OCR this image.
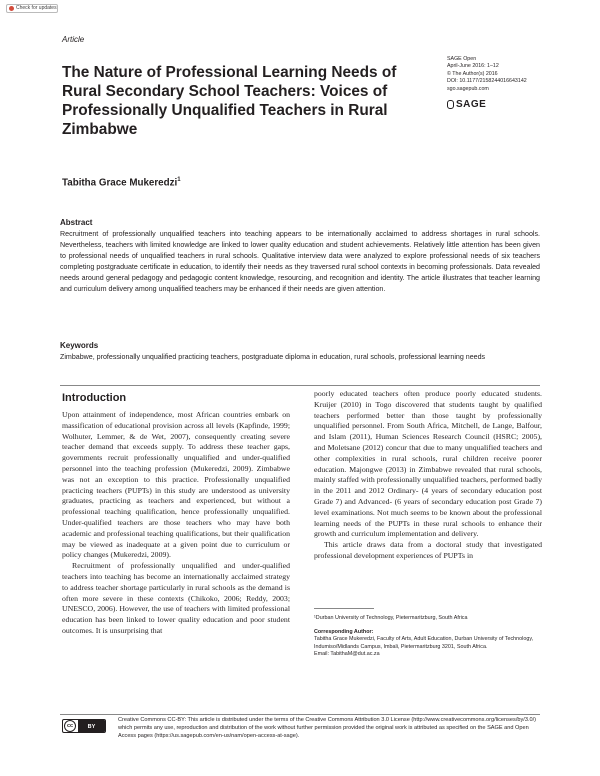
Check for updates
Article
SAGE Open
April-June 2016: 1–12
© The Author(s) 2016
DOI: 10.1177/2158244016643142
sgo.sagepub.com
SAGE
The Nature of Professional Learning Needs of Rural Secondary School Teachers: Voices of Professionally Unqualified Teachers in Rural Zimbabwe
Tabitha Grace Mukeredzi$^1$

Abstract

Recruitment of professionally unqualified teachers into teaching appears to be internationally acclaimed to address shortages in rural schools. Nevertheless, teachers with limited knowledge are linked to lower quality education and student achievements. Relatively little attention has been given to professional needs of unqualified teachers in rural schools. Qualitative interview data were analyzed to explore professional needs of six teachers completing postgraduate certificate in education, to identify their needs as they traversed rural school contexts in becoming professionals. Data revealed needs around general pedagogy and pedagogic content knowledge, resourcing, and recognition and identity. The article illustrates that teacher learning and curriculum delivery among unqualified teachers may be enhanced if their needs are given attention.

Keywords

Zimbabwe, professionally unqualified practicing teachers, postgraduate diploma in education, rural schools, professional learning needs

Introduction

Upon attainment of independence, most African countries embark on massification of educational provision across all levels (Kapfinde, 1999; Wolhuter, Lemmer, & de Wet, 2007), consequently creating severe teacher demand that exceeds supply. To address these teacher gaps, governments recruit professionally unqualified and under-qualified personnel into the teaching profession (Mukeredzi, 2009). Zimbabwe was not an exception to this practice. Professionally unqualified practicing teachers (PUPTs) in this study are understood as university graduates, practicing as teachers and experienced, but without a professional teaching qualification, hence professionally unqualified. Under-qualified teachers are those teachers who may have both academic and professional teaching qualifications, but their qualification may be viewed as inadequate at a given point due to curriculum or policy changes (Mukeredzi, 2009).

Recruitment of professionally unqualified and under-qualified teachers into teaching has become an internationally acclaimed strategy to address teacher shortage particularly in rural schools as the demand is often more severe in these contexts (Chikoko, 2006; Reddy, 2003; UNESCO, 2006). However, the use of teachers with limited professional education has been linked to lower quality education and poor student outcomes. It is unsurprising that

poorly educated teachers often produce poorly educated students. Kruijer (2010) in Togo discovered that students taught by qualified teachers performed better than those taught by professionally unqualified personnel. From South Africa, Mitchell, de Lange, Balfour, and Islam (2011), Human Sciences Research Council (HSRC; 2005), and Moletsane (2012) concur that due to many unqualified teachers and other complexities in rural schools, rural children receive poorer education. Majongwe (2013) in Zimbabwe revealed that rural schools, mainly staffed with professionally unqualified teachers, performed badly in the 2011 and 2012 Ordinary- (4 years of secondary education post Grade 7) and Advanced- (6 years of secondary education post Grade 7) level examinations. Not much seems to be known about the professional learning needs of the PUPTs in these rural schools to enhance their growth and curriculum implementation and delivery.

This article draws data from a doctoral study that investigated professional development experiences of PUPTs in

¹Durban University of Technology, Pietermaritzburg, South Africa
Corresponding Author:
Tabitha Grace Mukeredzi, Faculty of Arts, Adult Education, Durban University of Technology, Indumiso/Midlands Campus, Imbali, Pietermaritzburg 3201, South Africa.
Email: TabithaM@dut.ac.za
cc	BY
Creative Commons CC-BY: This article is distributed under the terms of the Creative Commons Attribution 3.0 License (http://www.creativecommons.org/licenses/by/3.0/) which permits any use, reproduction and distribution of the work without further permission provided the original work is attributed as specified on the SAGE and Open Access pages (https://us.sagepub.com/en-us/nam/open-access-at-sage).
